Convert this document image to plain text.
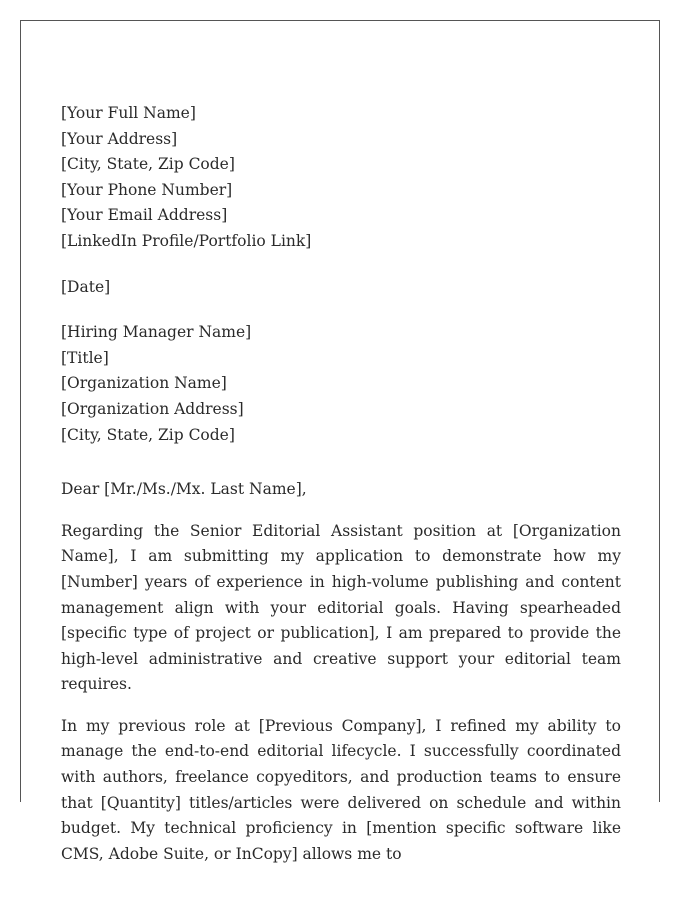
[Your Full Name]
[Your Address]
[City, State, Zip Code]
[Your Phone Number]
[Your Email Address]
[LinkedIn Profile/Portfolio Link]
[Date]
[Hiring Manager Name]
[Title]
[Organization Name]
[Organization Address]
[City, State, Zip Code]
Dear [Mr./Ms./Mx. Last Name],

Regarding the Senior Editorial Assistant position at [Organization Name], I am submitting my application to demonstrate how my [Number] years of experience in high-volume publishing and content management align with your editorial goals. Having spearheaded [specific type of project or publication], I am prepared to provide the high-level administrative and creative support your editorial team requires.

In my previous role at [Previous Company], I refined my ability to manage the end-to-end editorial lifecycle. I successfully coordinated with authors, freelance copyeditors, and production teams to ensure that [Quantity] titles/articles were delivered on schedule and within budget. My technical proficiency in [mention specific software like CMS, Adobe Suite, or InCopy] allows me to
